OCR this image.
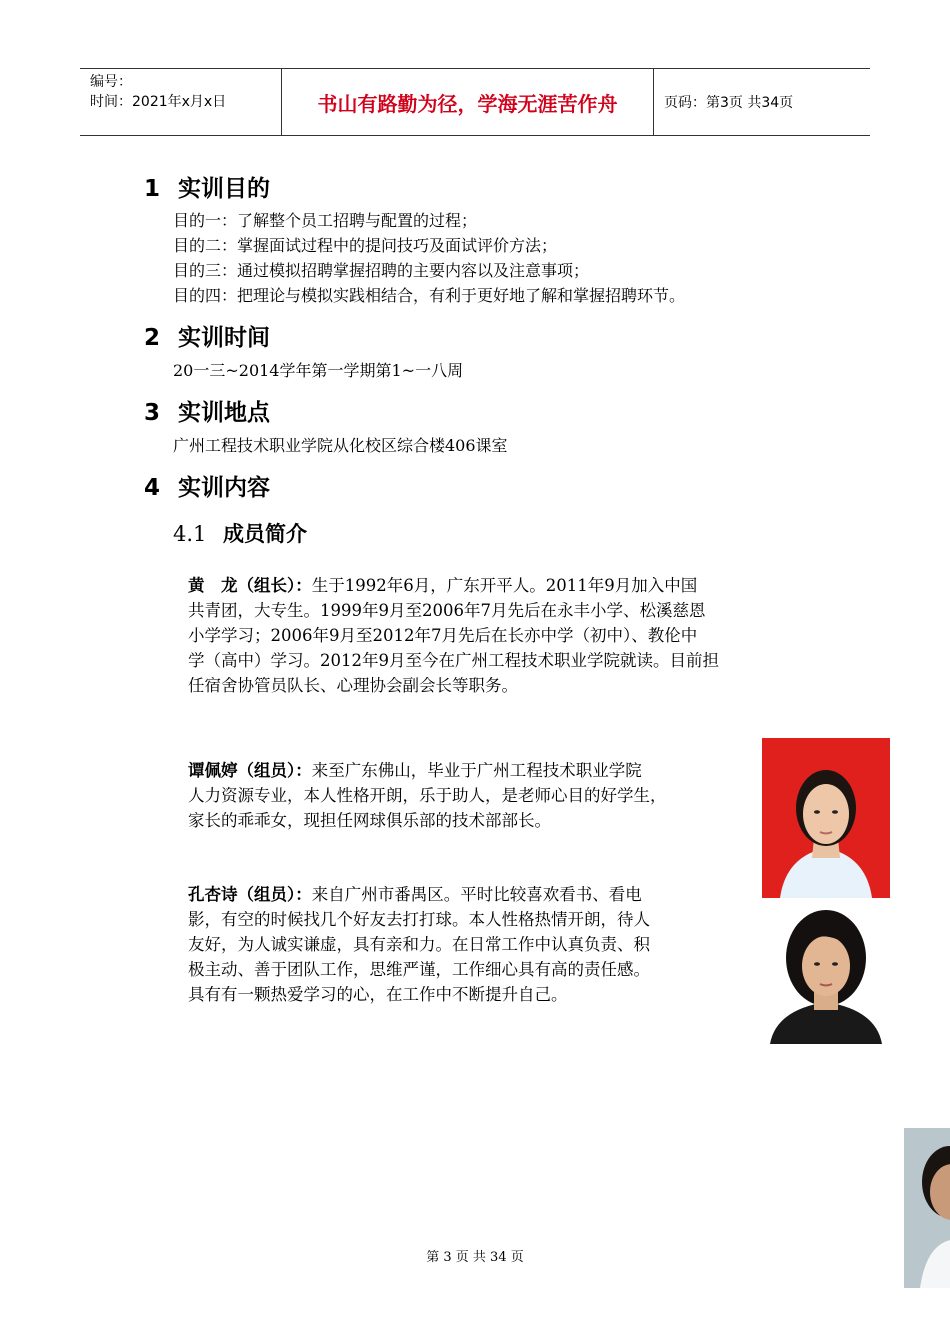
编号：
时间：2021年x月x日	书山有路勤为径，学海无涯苦作舟	页码：第3页 共34页
1 实训目的
目的一：了解整个员工招聘与配置的过程；
目的二：掌握面试过程中的提问技巧及面试评价方法；
目的三：通过模拟招聘掌握招聘的主要内容以及注意事项；
目的四：把理论与模拟实践相结合，有利于更好地了解和掌握招聘环节。
2 实训时间
20一三~2014学年第一学期第1~一八周
3 实训地点
广州工程技术职业学院从化校区综合楼406课室
4 实训内容
4.1 成员简介
黄　龙（组长）：生于1992年6月，广东开平人。2011年9月加入中国
共青团，大专生。1999年9月至2006年7月先后在永丰小学、松溪慈恩
小学学习；2006年9月至2012年7月先后在长亦中学（初中）、教伦中
学（高中）学习。2012年9月至今在广州工程技术职业学院就读。目前担
任宿舍协管员队长、心理协会副会长等职务。
谭佩婷（组员）：来至广东佛山，毕业于广州工程技术职业学院
人力资源专业，本人性格开朗，乐于助人，是老师心目的好学生，
家长的乖乖女，现担任网球俱乐部的技术部部长。
孔杏诗（组员）：来自广州市番禺区。平时比较喜欢看书、看电
影，有空的时候找几个好友去打打球。本人性格热情开朗，待人
友好，为人诚实谦虚，具有亲和力。在日常工作中认真负责、积
极主动、善于团队工作，思维严谨，工作细心具有高的责任感。
具有有一颗热爱学习的心，在工作中不断提升自己。
第 3 页 共 34 页
